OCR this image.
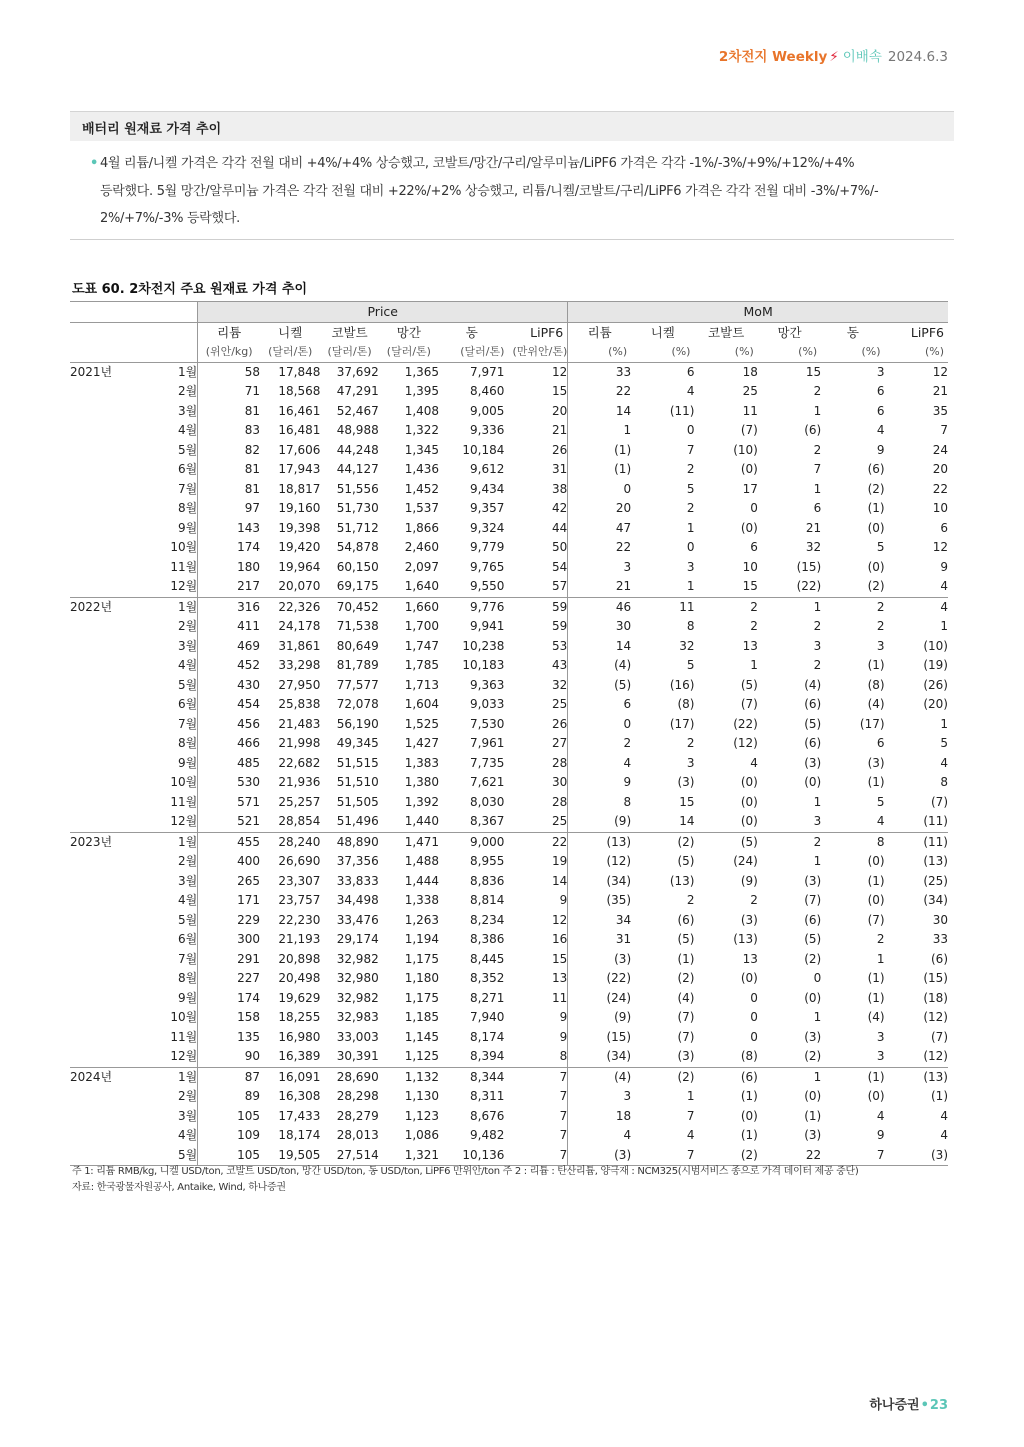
2차전지 Weekly ⚡ 이배속 2024.6.3
배터리 원재료 가격 추이
• 4월 리튬/니켈 가격은 각각 전월 대비 +4%/+4% 상승했고, 코발트/망간/구리/알루미늄/LiPF6 가격은 각각 -1%/-3%/+9%/+12%/+4%
등락했다. 5월 망간/알루미늄 가격은 각각 전월 대비 +22%/+2% 상승했고, 리튬/니켈/코발트/구리/LiPF6 가격은 각각 전월 대비 -3%/+7%/-
2%/+7%/-3% 등락했다.
도표 60. 2차전지 주요 원재료 가격 추이
		Price						MoM					
		리튬	니켈	코발트	망간	동	LiPF6	리튬	니켈	코발트	망간	동	LiPF6
		(위안/kg)	(달러/톤)	(달러/톤)	(달러/톤)	(달러/톤)	(만위안/톤)	(%)	(%)	(%)	(%)	(%)	(%)
2021년	1월	58	17,848	37,692	1,365	7,971	12	33	6	18	15	3	12
	2월	71	18,568	47,291	1,395	8,460	15	22	4	25	2	6	21
	3월	81	16,461	52,467	1,408	9,005	20	14	(11)	11	1	6	35
	4월	83	16,481	48,988	1,322	9,336	21	1	0	(7)	(6)	4	7
	5월	82	17,606	44,248	1,345	10,184	26	(1)	7	(10)	2	9	24
	6월	81	17,943	44,127	1,436	9,612	31	(1)	2	(0)	7	(6)	20
	7월	81	18,817	51,556	1,452	9,434	38	0	5	17	1	(2)	22
	8월	97	19,160	51,730	1,537	9,357	42	20	2	0	6	(1)	10
	9월	143	19,398	51,712	1,866	9,324	44	47	1	(0)	21	(0)	6
	10월	174	19,420	54,878	2,460	9,779	50	22	0	6	32	5	12
	11월	180	19,964	60,150	2,097	9,765	54	3	3	10	(15)	(0)	9
	12월	217	20,070	69,175	1,640	9,550	57	21	1	15	(22)	(2)	4
2022년	1월	316	22,326	70,452	1,660	9,776	59	46	11	2	1	2	4
	2월	411	24,178	71,538	1,700	9,941	59	30	8	2	2	2	1
	3월	469	31,861	80,649	1,747	10,238	53	14	32	13	3	3	(10)
	4월	452	33,298	81,789	1,785	10,183	43	(4)	5	1	2	(1)	(19)
	5월	430	27,950	77,577	1,713	9,363	32	(5)	(16)	(5)	(4)	(8)	(26)
	6월	454	25,838	72,078	1,604	9,033	25	6	(8)	(7)	(6)	(4)	(20)
	7월	456	21,483	56,190	1,525	7,530	26	0	(17)	(22)	(5)	(17)	1
	8월	466	21,998	49,345	1,427	7,961	27	2	2	(12)	(6)	6	5
	9월	485	22,682	51,515	1,383	7,735	28	4	3	4	(3)	(3)	4
	10월	530	21,936	51,510	1,380	7,621	30	9	(3)	(0)	(0)	(1)	8
	11월	571	25,257	51,505	1,392	8,030	28	8	15	(0)	1	5	(7)
	12월	521	28,854	51,496	1,440	8,367	25	(9)	14	(0)	3	4	(11)
2023년	1월	455	28,240	48,890	1,471	9,000	22	(13)	(2)	(5)	2	8	(11)
	2월	400	26,690	37,356	1,488	8,955	19	(12)	(5)	(24)	1	(0)	(13)
	3월	265	23,307	33,833	1,444	8,836	14	(34)	(13)	(9)	(3)	(1)	(25)
	4월	171	23,757	34,498	1,338	8,814	9	(35)	2	2	(7)	(0)	(34)
	5월	229	22,230	33,476	1,263	8,234	12	34	(6)	(3)	(6)	(7)	30
	6월	300	21,193	29,174	1,194	8,386	16	31	(5)	(13)	(5)	2	33
	7월	291	20,898	32,982	1,175	8,445	15	(3)	(1)	13	(2)	1	(6)
	8월	227	20,498	32,980	1,180	8,352	13	(22)	(2)	(0)	0	(1)	(15)
	9월	174	19,629	32,982	1,175	8,271	11	(24)	(4)	0	(0)	(1)	(18)
	10월	158	18,255	32,983	1,185	7,940	9	(9)	(7)	0	1	(4)	(12)
	11월	135	16,980	33,003	1,145	8,174	9	(15)	(7)	0	(3)	3	(7)
	12월	90	16,389	30,391	1,125	8,394	8	(34)	(3)	(8)	(2)	3	(12)
2024년	1월	87	16,091	28,690	1,132	8,344	7	(4)	(2)	(6)	1	(1)	(13)
	2월	89	16,308	28,298	1,130	8,311	7	3	1	(1)	(0)	(0)	(1)
	3월	105	17,433	28,279	1,123	8,676	7	18	7	(0)	(1)	4	4
	4월	109	18,174	28,013	1,086	9,482	7	4	4	(1)	(3)	9	4
	5월	105	19,505	27,514	1,321	10,136	7	(3)	7	(2)	22	7	(3)
주 1: 리튬 RMB/kg, 니켈 USD/ton, 코발트 USD/ton, 망간 USD/ton, 동 USD/ton, LiPF6 만위안/ton 주 2 : 리튬 : 탄산리튬, 양극재 : NCM325(시범서비스 종으로 가격 데이터 제공 중단)
자료: 한국광물자원공사, Antaike, Wind, 하나증권
하나증권•23
